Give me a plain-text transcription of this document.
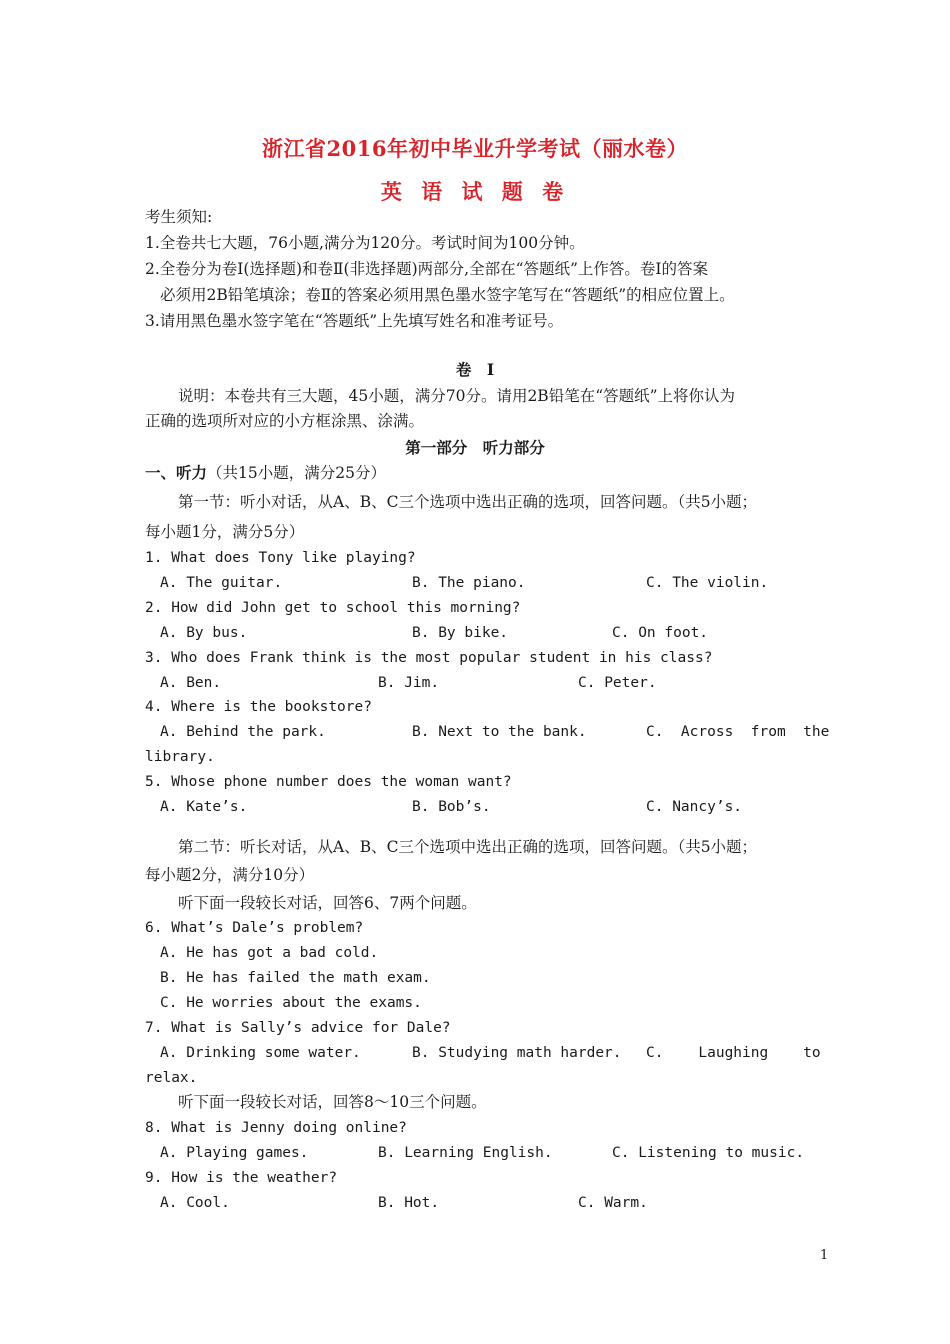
浙江省2016年初中毕业升学考试（丽水卷）
英 语 试 题 卷
考生须知:
1.全卷共七大题，76小题,满分为120分。考试时间为100分钟。
2.全卷分为卷Ⅰ(选择题)和卷Ⅱ(非选择题)两部分,全部在“答题纸”上作答。卷Ⅰ的答案
必须用2B铅笔填涂；卷Ⅱ的答案必须用黑色墨水签字笔写在“答题纸”的相应位置上。
3.请用黑色墨水签字笔在“答题纸”上先填写姓名和准考证号。
卷　Ⅰ
说明：本卷共有三大题，45小题，满分70分。请用2B铅笔在“答题纸”上将你认为
正确的选项所对应的小方框涂黑、涂满。
第一部分　听力部分
一、听力（共15小题，满分25分）
第一节：听小对话，从A、B、C三个选项中选出正确的选项，回答问题。（共5小题；
每小题1分，满分5分）
1. What does Tony like playing?
A. The guitar.	B. The piano.	C. The violin.
2. How did John get to school this morning?
A. By bus.	B. By bike.	C. On foot.
3. Who does Frank think is the most popular student in his class?
A. Ben.	B. Jim.	C. Peter.
4. Where is the bookstore?
A. Behind the park.	B. Next to the bank.	C.  Across  from  the
library.
5. Whose phone number does the woman want?
A. Kate’s.	B. Bob’s.	C. Nancy’s.
第二节：听长对话，从A、B、C三个选项中选出正确的选项，回答问题。（共5小题；
每小题2分，满分10分）
听下面一段较长对话，回答6、7两个问题。
6. What’s Dale’s problem?
A. He has got a bad cold.
B. He has failed the math exam.
C. He worries about the exams.
7. What is Sally’s advice for Dale?
A. Drinking some water.	B. Studying math harder. C.    Laughing    to
relax.
听下面一段较长对话，回答8～10三个问题。
8. What is Jenny doing online?
A. Playing games.	B. Learning English.	C. Listening to music.
9. How is the weather?
A. Cool.	B. Hot.	C. Warm.
1
